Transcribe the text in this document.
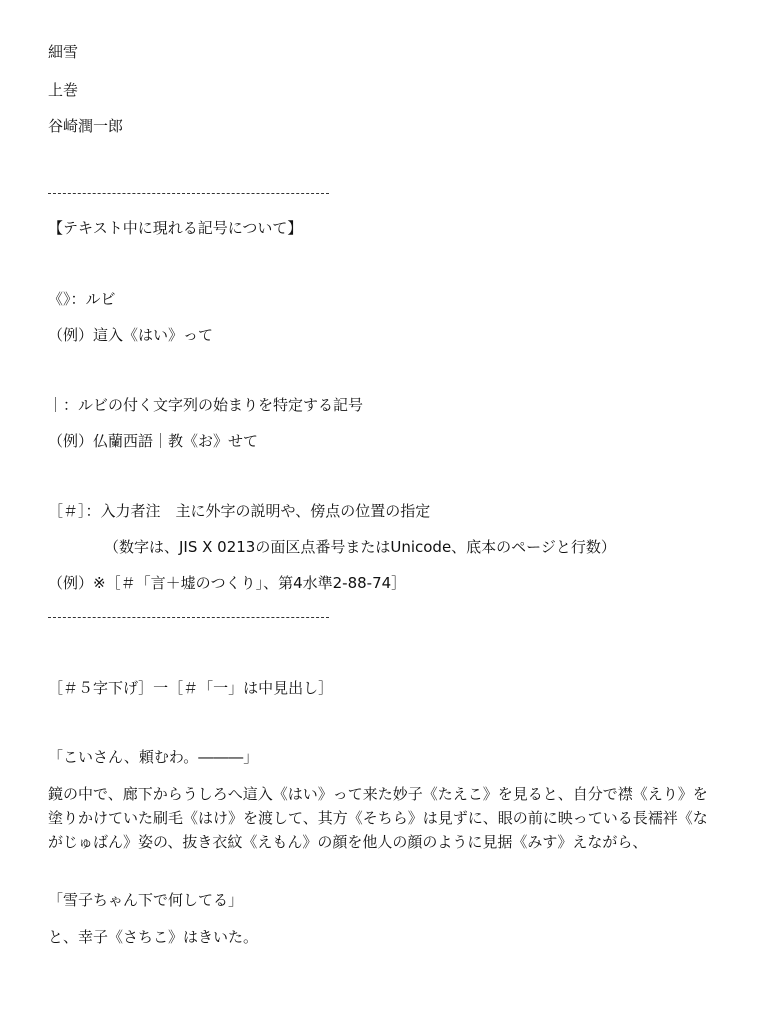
細雪

上巻

谷崎潤一郎

【テキスト中に現れる記号について】

《》：ルビ

（例）這入《はい》って

｜：ルビの付く文字列の始まりを特定する記号

（例）仏蘭西語｜教《お》せて

［＃］：入力者注　主に外字の説明や、傍点の位置の指定

（数字は、JIS X 0213の面区点番号またはUnicode、底本のページと行数）

（例）※［＃「言＋墟のつくり」、第4水準2-88-74］

［＃５字下げ］一［＃「一」は中見出し］

「こいさん、頼むわ。―――」

鏡の中で、廊下からうしろへ這入《はい》って来た妙子《たえこ》を見ると、自分で襟《えり》を塗りかけていた刷毛《はけ》を渡して、其方《そちら》は見ずに、眼の前に映っている長襦袢《ながじゅばん》姿の、抜き衣紋《えもん》の顔を他人の顔のように見据《みす》えながら、

「雪子ちゃん下で何してる」

と、幸子《さちこ》はきいた。
